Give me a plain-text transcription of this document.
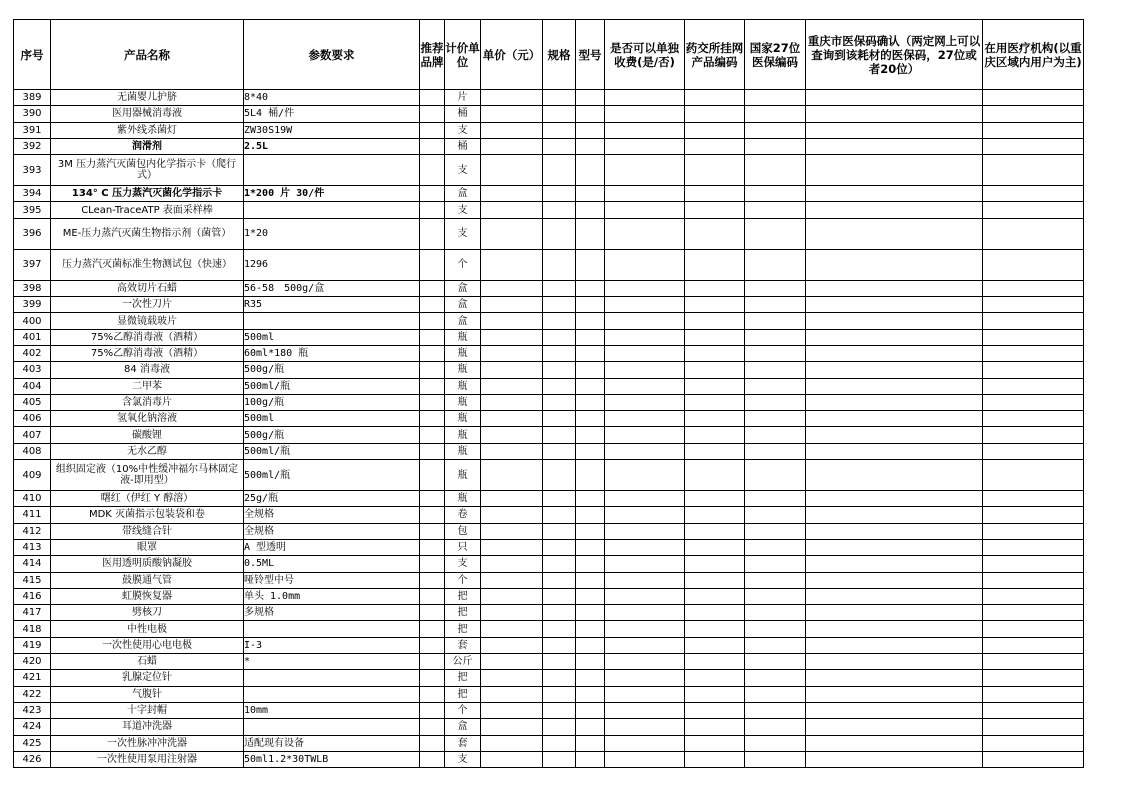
序号	产品名称	参数要求	推荐品牌	计价单位	单价（元）	规格	型号	是否可以单独收费(是/否)	药交所挂网产品编码	国家27位医保编码	重庆市医保码确认（两定网上可以查询到该耗材的医保码，27位或者20位）	在用医疗机构(以重庆区域内用户为主)
389	无菌婴儿护脐	8*40		片								
390	医用器械消毒液	5L4 桶/件		桶								
391	紫外线杀菌灯	ZW30S19W		支								
392	润滑剂	2.5L		桶								
393	3M 压力蒸汽灭菌包内化学指示卡（爬行式）			支								
394	134° C 压力蒸汽灭菌化学指示卡	1*200 片 30/件		盒								
395	CLean-TraceATP 表面采样棒			支								
396	ME-压力蒸汽灭菌生物指示剂（菌管）	1*20		支								
397	压力蒸汽灭菌标准生物测试包（快速）	1296		个								
398	高效切片石蜡	56-58　500g/盒		盒								
399	一次性刀片	R35		盒								
400	显微镜载玻片			盒								
401	75%乙醇消毒液（酒精）	500ml		瓶								
402	75%乙醇消毒液（酒精）	60ml*180 瓶		瓶								
403	84 消毒液	500g/瓶		瓶								
404	二甲苯	500ml/瓶		瓶								
405	含氯消毒片	100g/瓶		瓶								
406	氢氧化钠溶液	500ml		瓶								
407	碳酸锂	500g/瓶		瓶								
408	无水乙醇	500ml/瓶		瓶								
409	组织固定液（10%中性缓冲福尔马林固定液-即用型）	500ml/瓶		瓶								
410	曙红（伊红 Y 醇溶）	25g/瓶		瓶								
411	MDK 灭菌指示包装袋和卷	全规格		卷								
412	带线缝合针	全规格		包								
413	眼罩	A 型透明		只								
414	医用透明质酸钠凝胶	0.5ML		支								
415	鼓膜通气管	哑铃型中号		个								
416	虹膜恢复器	单头 1.0mm		把								
417	劈核刀	多规格		把								
418	中性电极			把								
419	一次性使用心电电极	I-3		套								
420	石蜡	*		公斤								
421	乳腺定位针			把								
422	气腹针			把								
423	十字封帽	10mm		个								
424	耳道冲洗器			盒								
425	一次性脉冲冲洗器	适配现有设备		套								
426	一次性使用泵用注射器	50ml1.2*30TWLB		支								
